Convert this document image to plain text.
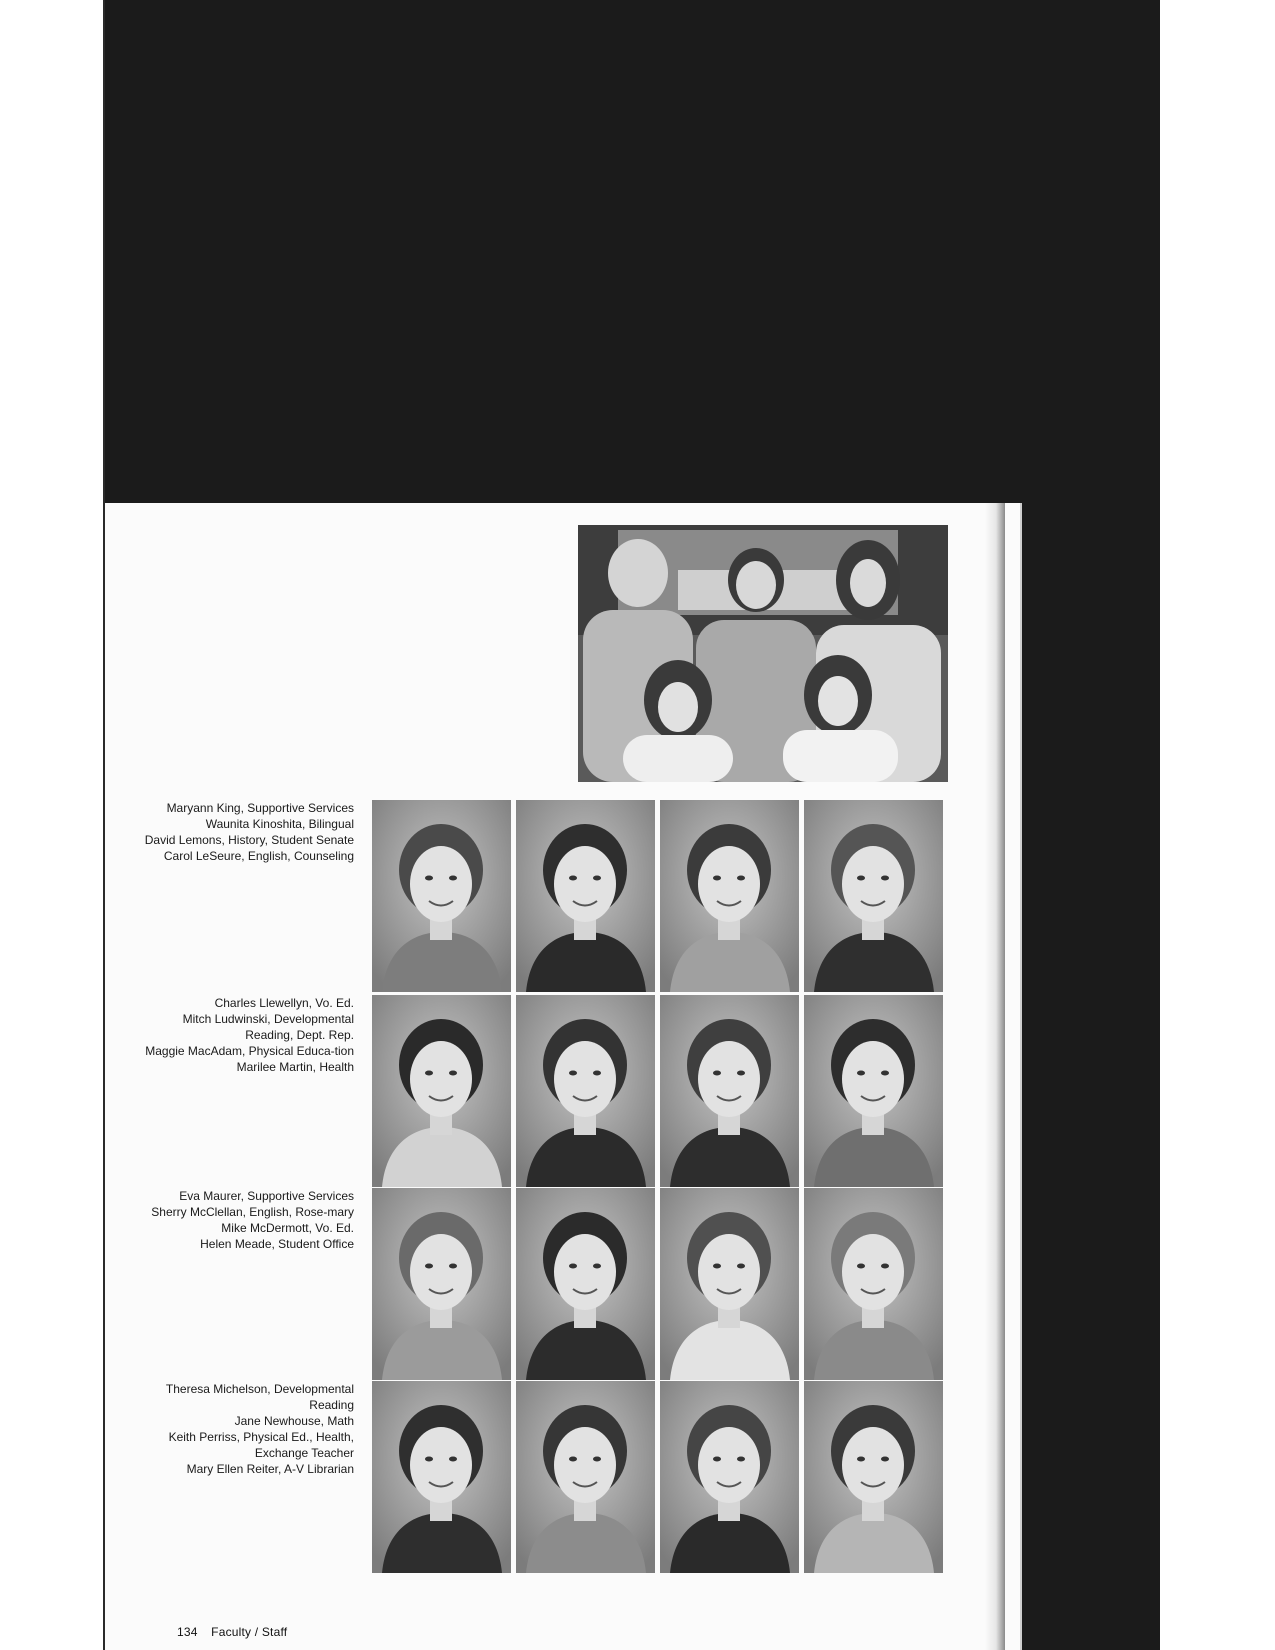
Maryann King, Supportive Services
Waunita Kinoshita, Bilingual
David Lemons, History, Student Senate
Carol LeSeure, English, Counseling
Charles Llewellyn, Vo. Ed.
Mitch Ludwinski, Developmental Reading, Dept. Rep.
Maggie MacAdam, Physical Educa-tion
Marilee Martin, Health
Eva Maurer, Supportive Services
Sherry McClellan, English, Rose-mary
Mike McDermott, Vo. Ed.
Helen Meade, Student Office
Theresa Michelson, Developmental Reading
Jane Newhouse, Math
Keith Perriss, Physical Ed., Health, Exchange Teacher
Mary Ellen Reiter, A-V Librarian
134 Faculty / Staff
